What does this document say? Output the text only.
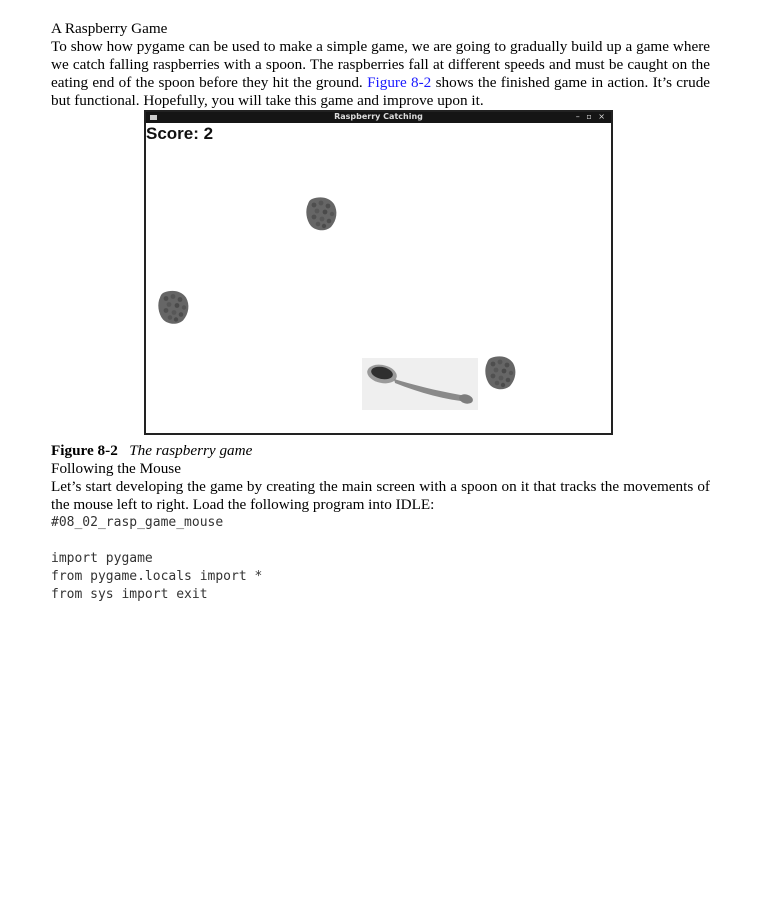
A Raspberry Game

To show how pygame can be used to make a simple game, we are going to gradually build up a game where we catch falling raspberries with a spoon. The raspberries fall at different speeds and must be caught on the eating end of the spoon before they hit the ground. Figure 8-2 shows the finished game in action. It’s crude but functional. Hopefully, you will take this game and improve upon it.

Raspberry Catching	– ▫ ×
Score: 2

Figure 8-2 The raspberry game

Following the Mouse

Let’s start developing the game by creating the main screen with a spoon on it that tracks the movements of the mouse left to right. Load the following program into IDLE:

#08_02_rasp_game_mouse

import pygame
from pygame.locals import *
from sys import exit
